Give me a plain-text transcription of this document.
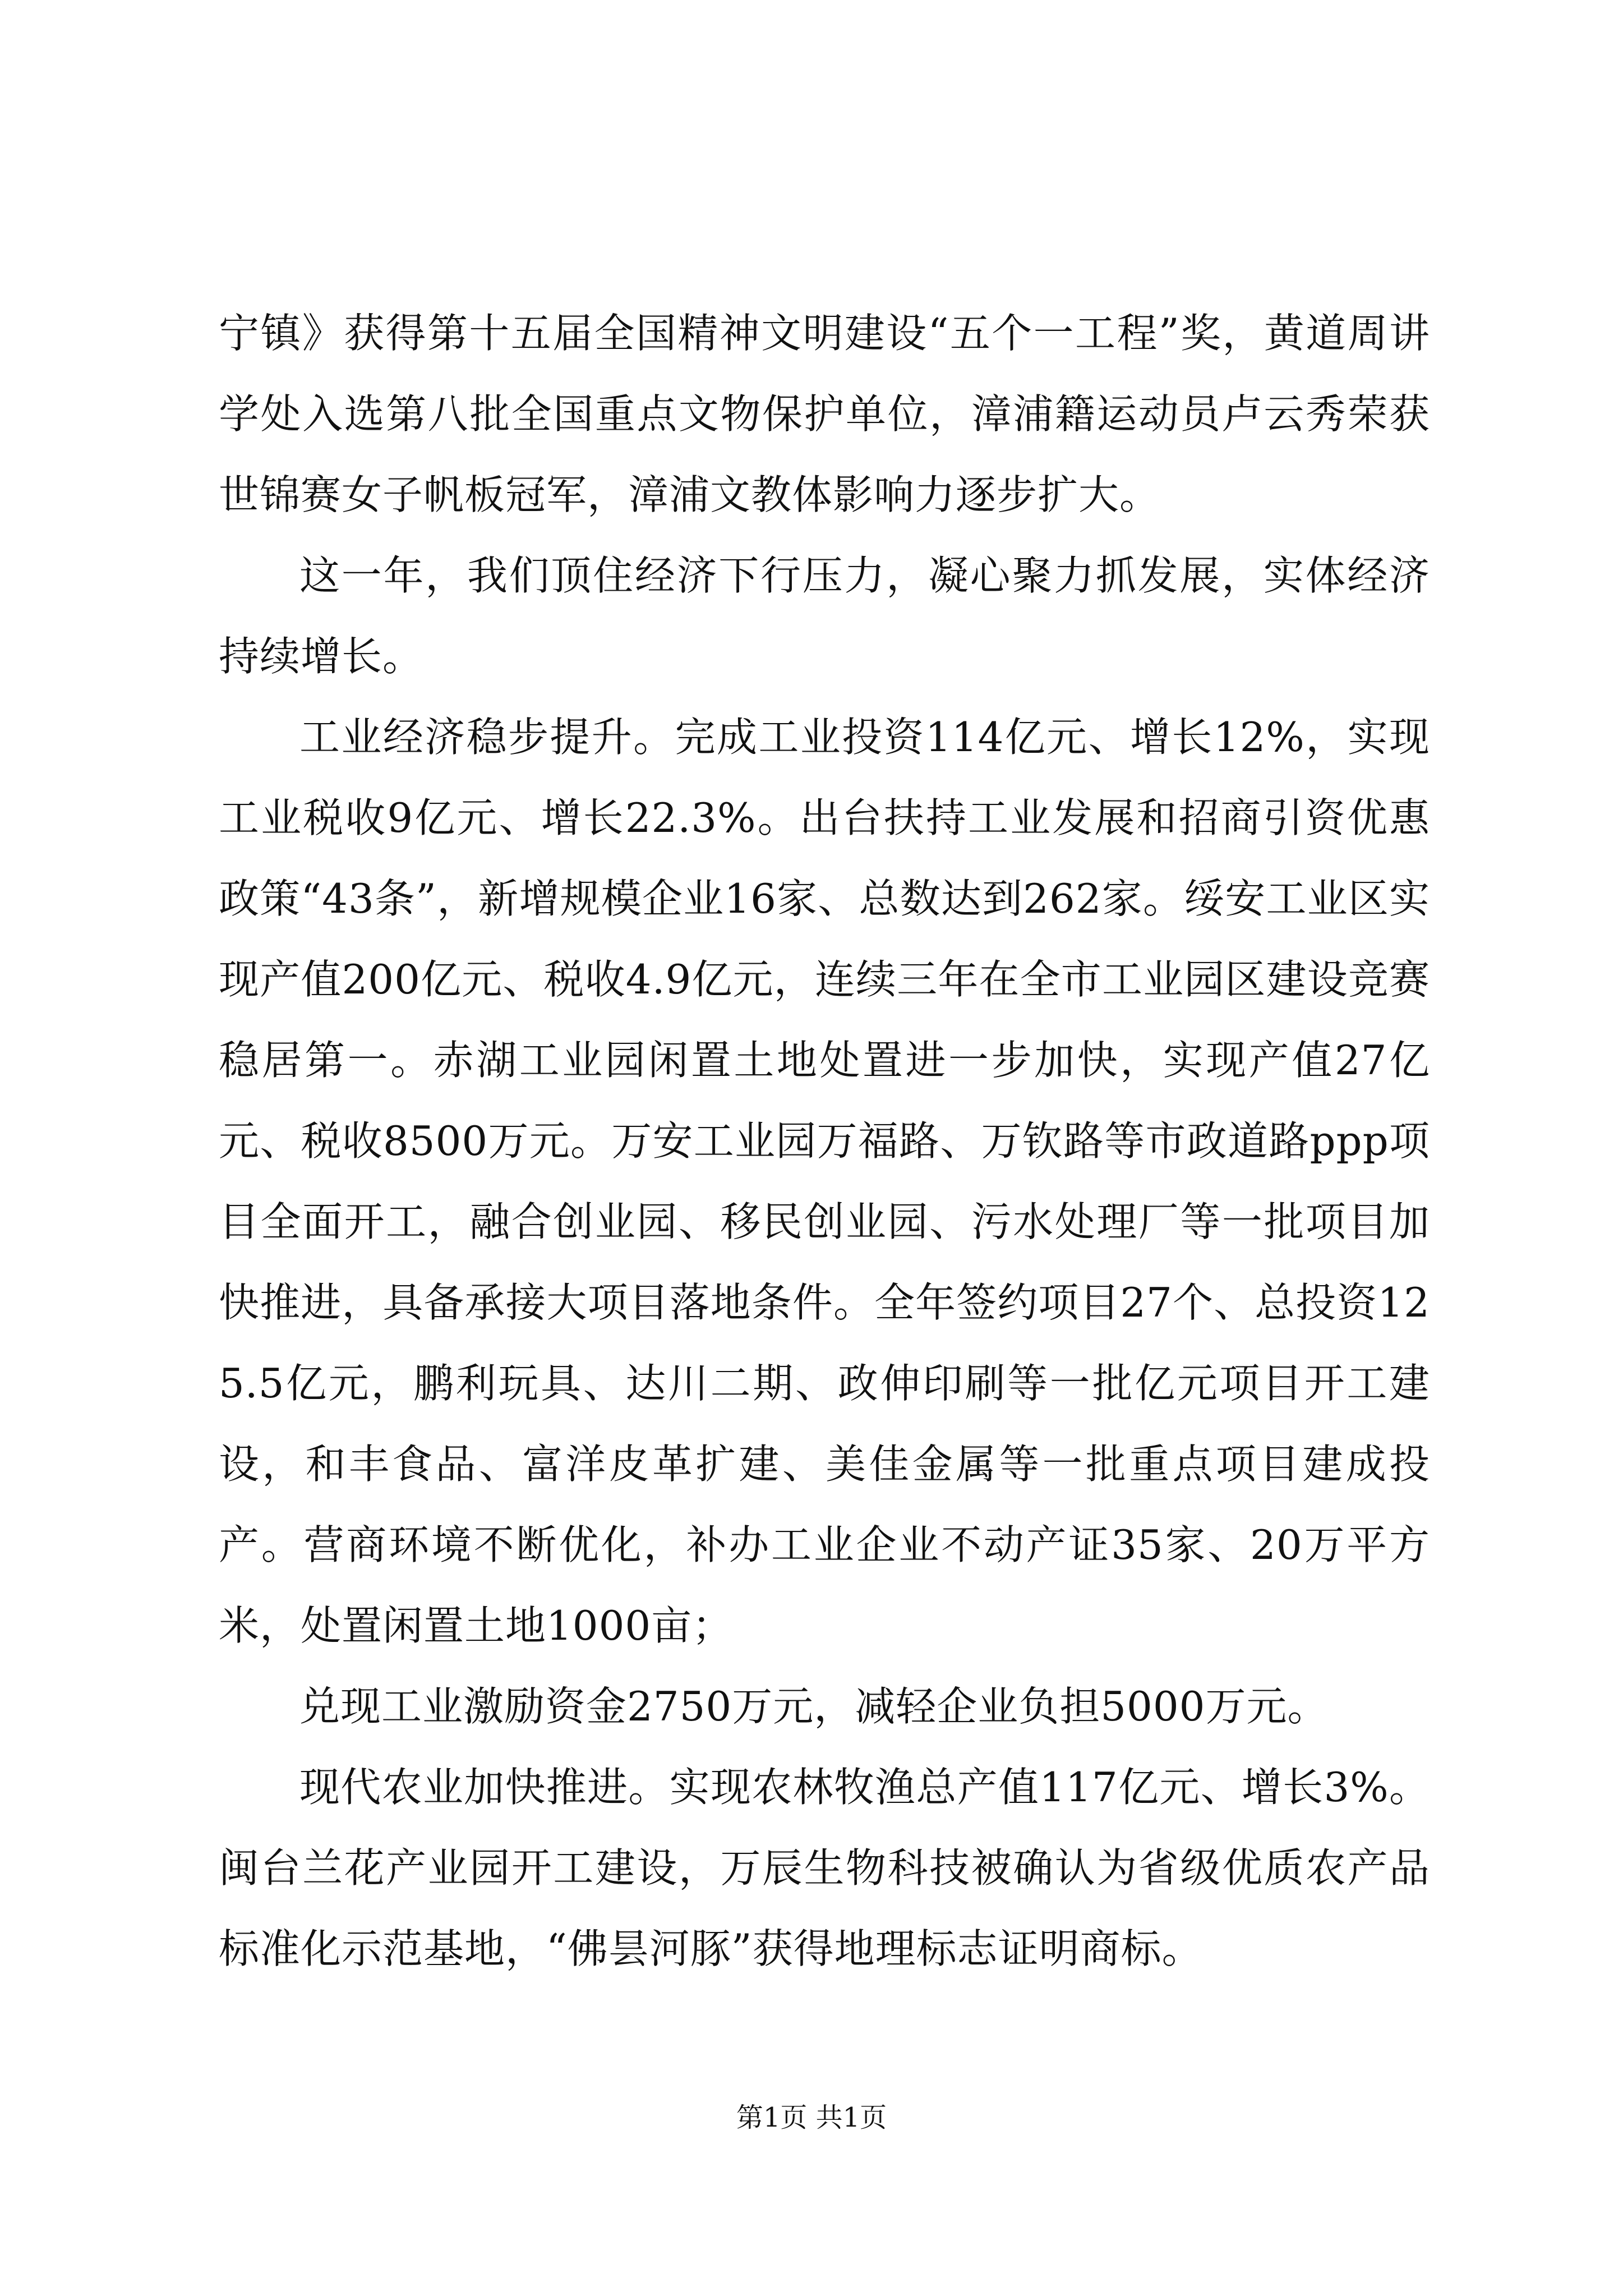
宁镇》获得第十五届全国精神文明建设“五个一工程”奖，黄道周讲学处入选第八批全国重点文物保护单位，漳浦籍运动员卢云秀荣获世锦赛女子帆板冠军，漳浦文教体影响力逐步扩大。

这一年，我们顶住经济下行压力，凝心聚力抓发展，实体经济持续增长。

工业经济稳步提升。完成工业投资114亿元、增长12%，实现工业税收9亿元、增长22.3%。出台扶持工业发展和招商引资优惠政策“43条”，新增规模企业16家、总数达到262家。绥安工业区实现产值200亿元、税收4.9亿元，连续三年在全市工业园区建设竞赛稳居第一。赤湖工业园闲置土地处置进一步加快，实现产值27亿元、税收8500万元。万安工业园万福路、万钦路等市政道路ppp项目全面开工，融合创业园、移民创业园、污水处理厂等一批项目加快推进，具备承接大项目落地条件。全年签约项目27个、总投资125.5亿元，鹏利玩具、达川二期、政伸印刷等一批亿元项目开工建设，和丰食品、富洋皮革扩建、美佳金属等一批重点项目建成投产。营商环境不断优化，补办工业企业不动产证35家、20万平方米，处置闲置土地1000亩；

兑现工业激励资金2750万元，减轻企业负担5000万元。

现代农业加快推进。实现农林牧渔总产值117亿元、增长3%。闽台兰花产业园开工建设，万辰生物科技被确认为省级优质农产品标准化示范基地，“佛昙河豚”获得地理标志证明商标。

第1页 共1页
